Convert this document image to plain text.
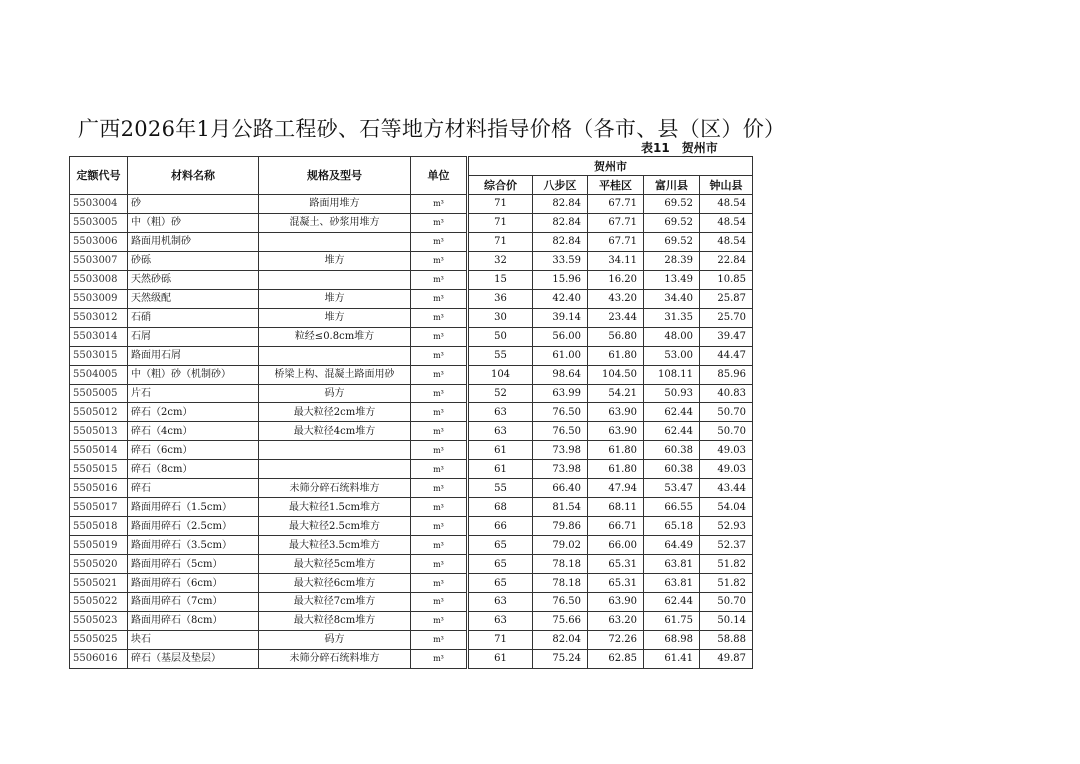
广西2026年1月公路工程砂、石等地方材料指导价格（各市、县（区）价）
表11　贺州市
定额代号	材料名称	规格及型号	单位	贺州市				
				综合价	八步区	平桂区	富川县	钟山县
5503004	砂	路面用堆方	m³	71	82.84	67.71	69.52	48.54
5503005	中（粗）砂	混凝土、砂浆用堆方	m³	71	82.84	67.71	69.52	48.54
5503006	路面用机制砂		m³	71	82.84	67.71	69.52	48.54
5503007	砂砾	堆方	m³	32	33.59	34.11	28.39	22.84
5503008	天然砂砾		m³	15	15.96	16.20	13.49	10.85
5503009	天然级配	堆方	m³	36	42.40	43.20	34.40	25.87
5503012	石硝	堆方	m³	30	39.14	23.44	31.35	25.70
5503014	石屑	粒经≤0.8cm堆方	m³	50	56.00	56.80	48.00	39.47
5503015	路面用石屑		m³	55	61.00	61.80	53.00	44.47
5504005	中（粗）砂（机制砂）	桥梁上构、混凝土路面用砂	m³	104	98.64	104.50	108.11	85.96
5505005	片石	码方	m³	52	63.99	54.21	50.93	40.83
5505012	碎石（2cm）	最大粒径2cm堆方	m³	63	76.50	63.90	62.44	50.70
5505013	碎石（4cm）	最大粒径4cm堆方	m³	63	76.50	63.90	62.44	50.70
5505014	碎石（6cm）		m³	61	73.98	61.80	60.38	49.03
5505015	碎石（8cm）		m³	61	73.98	61.80	60.38	49.03
5505016	碎石	未筛分碎石统料堆方	m³	55	66.40	47.94	53.47	43.44
5505017	路面用碎石（1.5cm）	最大粒径1.5cm堆方	m³	68	81.54	68.11	66.55	54.04
5505018	路面用碎石（2.5cm）	最大粒径2.5cm堆方	m³	66	79.86	66.71	65.18	52.93
5505019	路面用碎石（3.5cm）	最大粒径3.5cm堆方	m³	65	79.02	66.00	64.49	52.37
5505020	路面用碎石（5cm）	最大粒径5cm堆方	m³	65	78.18	65.31	63.81	51.82
5505021	路面用碎石（6cm）	最大粒径6cm堆方	m³	65	78.18	65.31	63.81	51.82
5505022	路面用碎石（7cm）	最大粒径7cm堆方	m³	63	76.50	63.90	62.44	50.70
5505023	路面用碎石（8cm）	最大粒径8cm堆方	m³	63	75.66	63.20	61.75	50.14
5505025	块石	码方	m³	71	82.04	72.26	68.98	58.88
5506016	碎石（基层及垫层）	未筛分碎石统料堆方	m³	61	75.24	62.85	61.41	49.87
